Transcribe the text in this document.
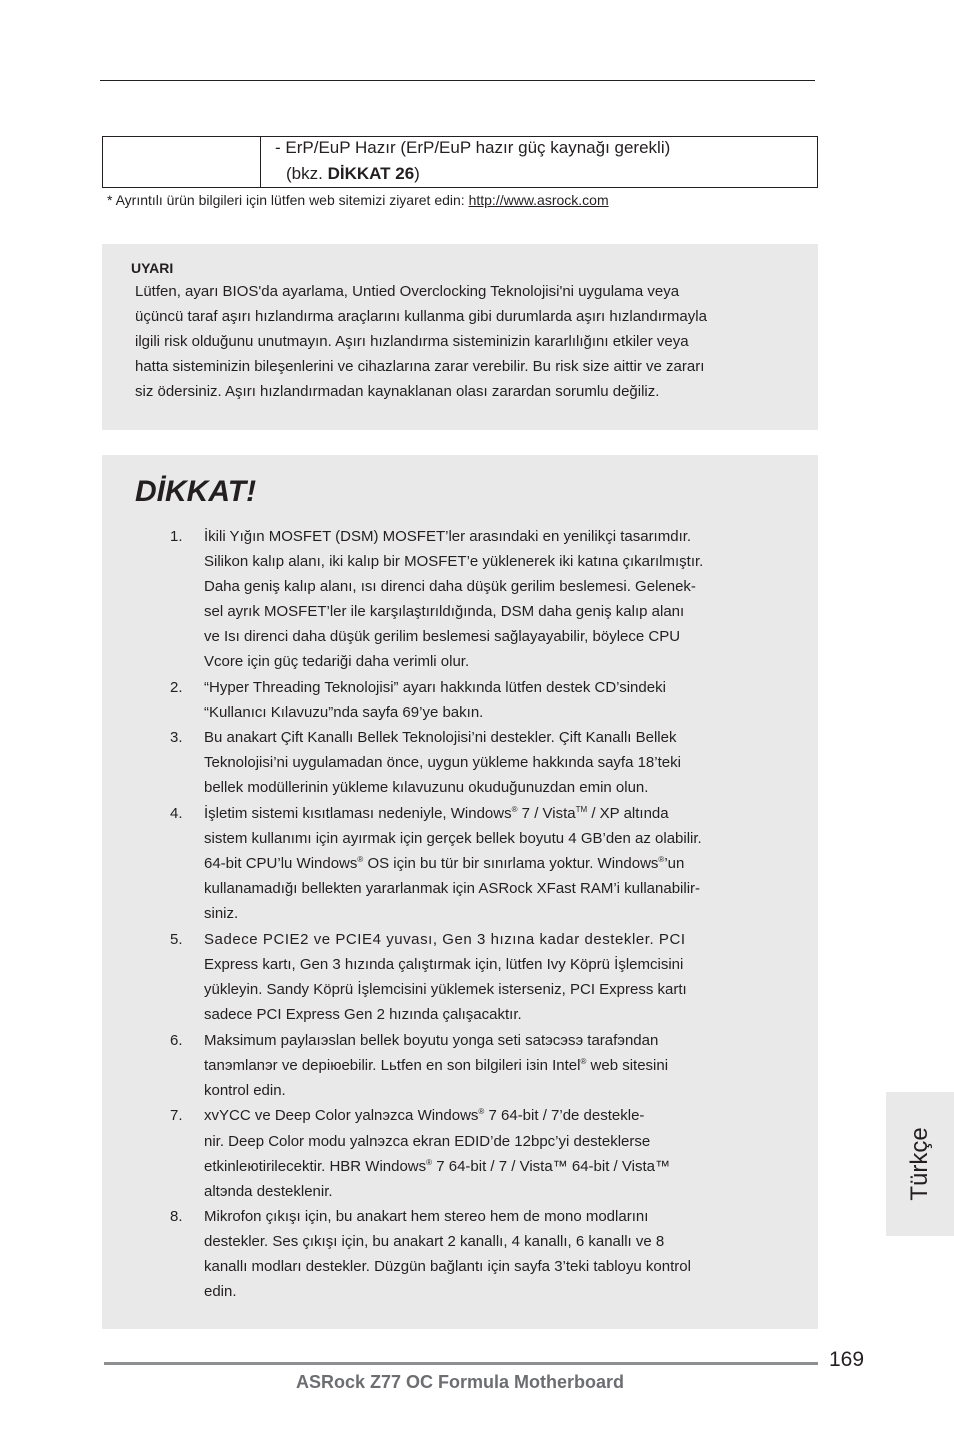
- ErP/EuP Hazır (ErP/EuP hazır güç kaynağı gerekli)
(bkz. DİKKAT 26)
* Ayrıntılı ürün bilgileri için lütfen web sitemizi ziyaret edin: http://www.asrock.com
UYARI
Lütfen, ayarı BIOS'da ayarlama, Untied Overclocking Teknolojisi'ni uygulama veya
üçüncü taraf aşırı hızlandırma araçlarını kullanma gibi durumlarda aşırı hızlandırmayla
ilgili risk olduğunu unutmayın. Aşırı hızlandırma sisteminizin kararlılığını etkiler veya
hatta sisteminizin bileşenlerini ve cihazlarına zarar verebilir. Bu risk size aittir ve zararı
siz ödersiniz. Aşırı hızlandırmadan kaynaklanan olası zarardan sorumlu değiliz.
DİKKAT!
1. İkili Yığın MOSFET (DSM) MOSFET’ler arasındaki en yenilikçi tasarımdır.
Silikon kalıp alanı, iki kalıp bir MOSFET’e yüklenerek iki katına çıkarılmıştır.
Daha geniş kalıp alanı, ısı direnci daha düşük gerilim beslemesi. Gelenek-
sel ayrık MOSFET’ler ile karşılaştırıldığında, DSM daha geniş kalıp alanı
ve Isı direnci daha düşük gerilim beslemesi sağlayayabilir, böylece CPU
Vcore için güç tedariği daha verimli olur.
2. “Hyper Threading Teknolojisi” ayarı hakkında lütfen destek CD’sindeki
“Kullanıcı Kılavuzu”nda sayfa 69’ye bakın.
3. Bu anakart Çift Kanallı Bellek Teknolojisi’ni destekler. Çift Kanallı Bellek
Teknolojisi’ni uygulamadan önce, uygun yükleme hakkında sayfa 18’teki
bellek modüllerinin yükleme kılavuzunu okuduğunuzdan emin olun.
4. İşletim sistemi kısıtlaması nedeniyle, Windows® 7 / Vista™ / XP altında
sistem kullanımı için ayırmak için gerçek bellek boyutu 4 GB’den az olabilir.
64-bit CPU’lu Windows® OS için bu tür bir sınırlama yoktur. Windows®’un
kullanamadığı bellekten yararlanmak için ASRock XFast RAM’i kullanabilir-
siniz.
5. Sadece PCIE2 ve PCIE4 yuvası, Gen 3 hızına kadar destekler. PCI
Express kartı, Gen 3 hızında çalıştırmak için, lütfen Ivy Köprü İşlemcisini
yükleyin. Sandy Köprü İşlemcisini yüklemek isterseniz, PCI Express kartı
sadece PCI Express Gen 2 hızında çalışacaktır.
6. Maksimum paylaıэslan bellek boyutu yonga seti satэcэsэ tarafэndan
tanэmlanэr ve depiюebilir. Lьtfen en son bilgileri iзin Intel® web sitesini
kontrol edin.
7. xvYCC ve Deep Color yalnэzca Windows® 7 64-bit / 7’de destekle-
nir. Deep Color modu yalnэzca ekran EDID’de 12bpc’yi desteklerse
etkinleюtirilecektir. HBR Windows® 7 64-bit / 7 / Vista™ 64-bit / Vista™
altэnda desteklenir.
8. Mikrofon çıkışı için, bu anakart hem stereo hem de mono modlarını
destekler. Ses çıkışı için, bu anakart 2 kanallı, 4 kanallı, 6 kanallı ve 8
kanallı modları destekler. Düzgün bağlantı için sayfa 3’teki tabloyu kontrol
edin.
Türkçe
169
ASRock Z77 OC Formula Motherboard
